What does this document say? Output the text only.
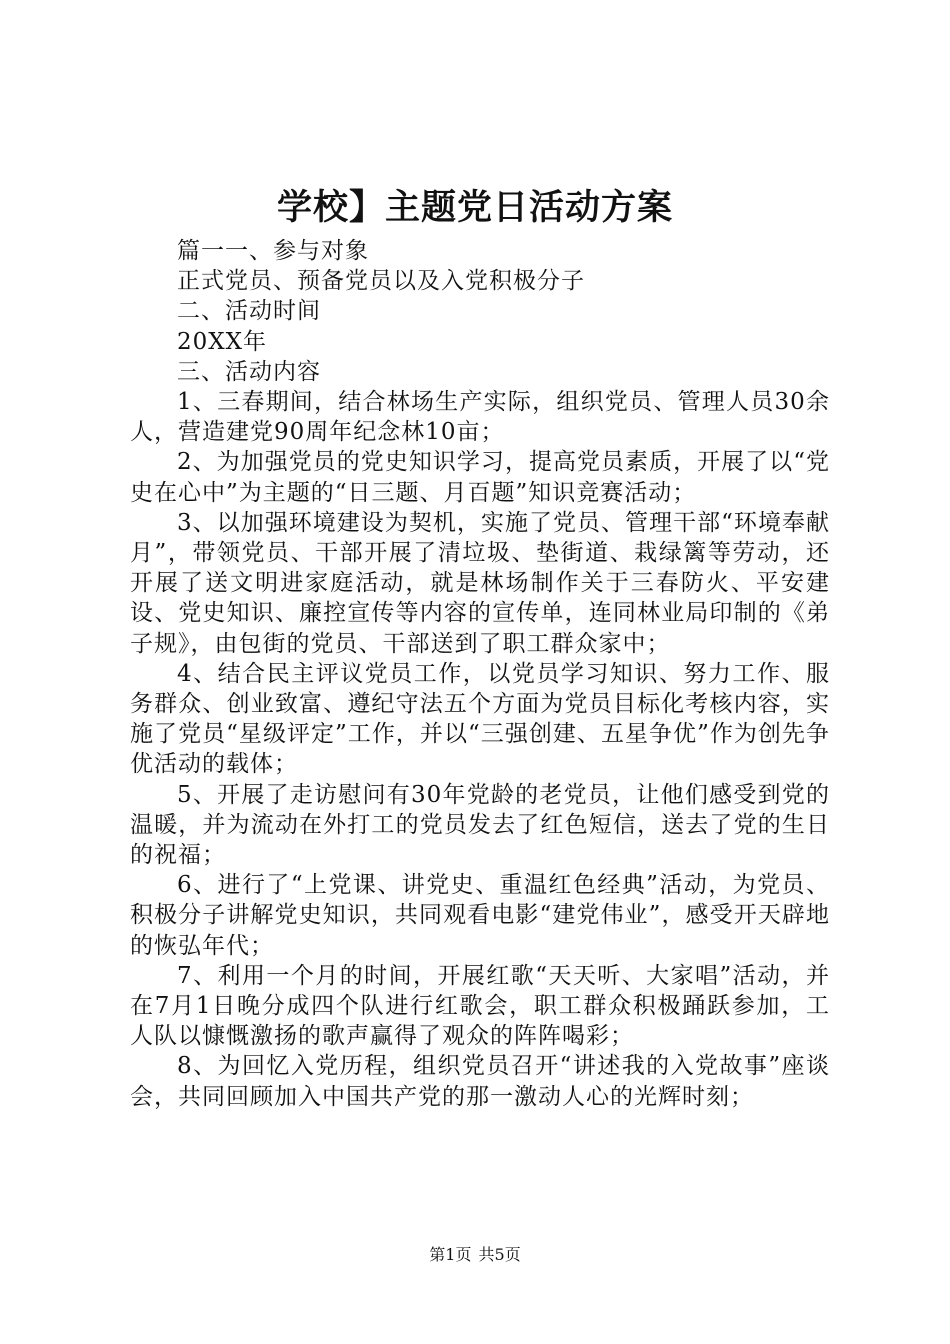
学校】主题党日活动方案

篇一一、参与对象

正式党员、预备党员以及入党积极分子

二、活动时间

20XX年

三、活动内容

1、三春期间，结合林场生产实际，组织党员、管理人员30余人，营造建党90周年纪念林10亩；

2、为加强党员的党史知识学习，提高党员素质，开展了以“党史在心中”为主题的“日三题、月百题”知识竞赛活动；

3、以加强环境建设为契机，实施了党员、管理干部“环境奉献月”，带领党员、干部开展了清垃圾、垫街道、栽绿篱等劳动，还开展了送文明进家庭活动，就是林场制作关于三春防火、平安建设、党史知识、廉控宣传等内容的宣传单，连同林业局印制的《弟子规》，由包街的党员、干部送到了职工群众家中；

4、结合民主评议党员工作，以党员学习知识、努力工作、服务群众、创业致富、遵纪守法五个方面为党员目标化考核内容，实施了党员“星级评定”工作，并以“三强创建、五星争优”作为创先争优活动的载体；

5、开展了走访慰问有30年党龄的老党员，让他们感受到党的温暖，并为流动在外打工的党员发去了红色短信，送去了党的生日的祝福；

6、进行了“上党课、讲党史、重温红色经典”活动，为党员、积极分子讲解党史知识，共同观看电影“建党伟业”，感受开天辟地的恢弘年代；

7、利用一个月的时间，开展红歌“天天听、大家唱”活动，并在7月1日晚分成四个队进行红歌会，职工群众积极踊跃参加，工人队以慷慨激扬的歌声赢得了观众的阵阵喝彩；

8、为回忆入党历程，组织党员召开“讲述我的入党故事”座谈会，共同回顾加入中国共产党的那一激动人心的光辉时刻；

第1页 共5页
